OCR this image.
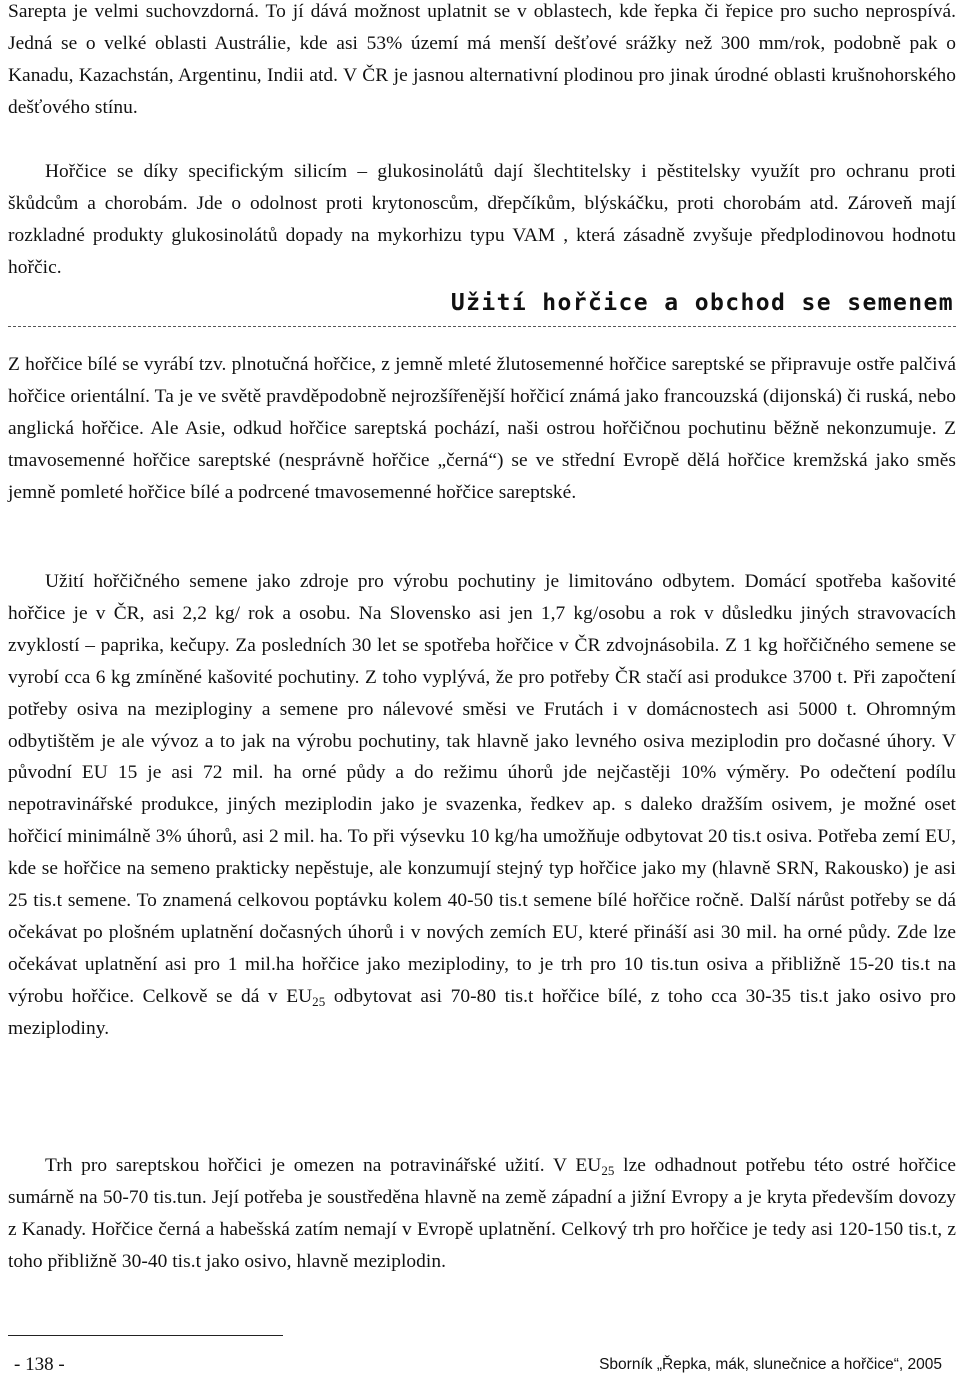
Sarepta je velmi suchovzdorná. To jí dává možnost uplatnit se v oblastech, kde řepka či řepice pro sucho neprospívá. Jedná se o velké oblasti Austrálie, kde asi 53% území má menší dešťové srážky než 300 mm/rok, podobně pak o Kanadu, Kazachstán, Argentinu, Indii atd. V ČR je jasnou alternativní plodinou pro jinak úrodné oblasti krušnohorského dešťového stínu.

Hořčice se díky specifickým silicím – glukosinolátů dají šlechtitelsky i pěstitelsky využít pro ochranu proti škůdcům a chorobám. Jde o odolnost proti krytonoscům, dřepčíkům, blýskáčku, proti chorobám atd. Zároveň mají rozkladné produkty glukosinolátů dopady na mykorhizu typu VAM , která zásadně zvyšuje předplodinovou hodnotu hořčic.

Užití hořčice a obchod se semenem

Z hořčice bílé se vyrábí tzv. plnotučná hořčice, z jemně mleté žlutosemenné hořčice sareptské se připravuje ostře palčivá hořčice orientální. Ta je ve světě pravděpodobně nejrozšířenější hořčicí známá jako francouzská (dijonská) či ruská, nebo anglická hořčice. Ale Asie, odkud hořčice sareptská pochází, naši ostrou hořčičnou pochutinu běžně nekonzumuje. Z tmavosemenné hořčice sareptské (nesprávně hořčice „černá“) se ve střední Evropě dělá hořčice kremžská jako směs jemně pomleté hořčice bílé a podrcené tmavosemenné hořčice sareptské.

Užití hořčičného semene jako zdroje pro výrobu pochutiny je limitováno odbytem. Domácí spotřeba kašovité hořčice je v ČR, asi 2,2 kg/ rok a osobu. Na Slovensko asi jen 1,7 kg/osobu a rok v důsledku jiných stravovacích zvyklostí – paprika, kečupy. Za posledních 30 let se spotřeba hořčice v ČR zdvojnásobila. Z 1 kg hořčičného semene se vyrobí cca 6 kg zmíněné kašovité pochutiny. Z toho vyplývá, že pro potřeby ČR stačí asi produkce 3700 t. Při započtení potřeby osiva na meziploginy a semene pro nálevové směsi ve Frutách i v domácnostech asi 5000 t. Ohromným odbytištěm je ale vývoz a to jak na výrobu pochutiny, tak hlavně jako levného osiva meziplodin pro dočasné úhory. V původní EU 15 je asi 72 mil. ha orné půdy a do režimu úhorů jde nejčastěji 10% výměry. Po odečtení podílu nepotravinářské produkce, jiných meziplodin jako je svazenka, ředkev ap. s daleko dražším osivem, je možné oset hořčicí minimálně 3% úhorů, asi 2 mil. ha. To při výsevku 10 kg/ha umožňuje odbytovat 20 tis.t osiva. Potřeba zemí EU, kde se hořčice na semeno prakticky nepěstuje, ale konzumují stejný typ hořčice jako my (hlavně SRN, Rakousko) je asi 25 tis.t semene. To znamená celkovou poptávku kolem 40-50 tis.t semene bílé hořčice ročně. Další nárůst potřeby se dá očekávat po plošném uplatnění dočasných úhorů i v nových zemích EU, které přináší asi 30 mil. ha orné půdy. Zde lze očekávat uplatnění asi pro 1 mil.ha hořčice jako meziplodiny, to je trh pro 10 tis.tun osiva a přibližně 15-20 tis.t na výrobu hořčice. Celkově se dá v $EU_{25}$ odbytovat asi 70-80 tis.t hořčice bílé, z toho cca 30-35 tis.t jako osivo pro meziplodiny.

Trh pro sareptskou hořčici je omezen na potravinářské užití. V $EU_{25}$ lze odhadnout potřebu této ostré hořčice sumárně na 50-70 tis.tun. Její potřeba je soustředěna hlavně na země západní a jižní Evropy a je kryta především dovozy z Kanady. Hořčice černá a habešská zatím nemají v Evropě uplatnění. Celkový trh pro hořčice je tedy asi 120-150 tis.t, z toho přibližně 30-40 tis.t jako osivo, hlavně meziplodin.

- 138 -	Sborník „Řepka, mák, slunečnice a hořčice“, 2005
